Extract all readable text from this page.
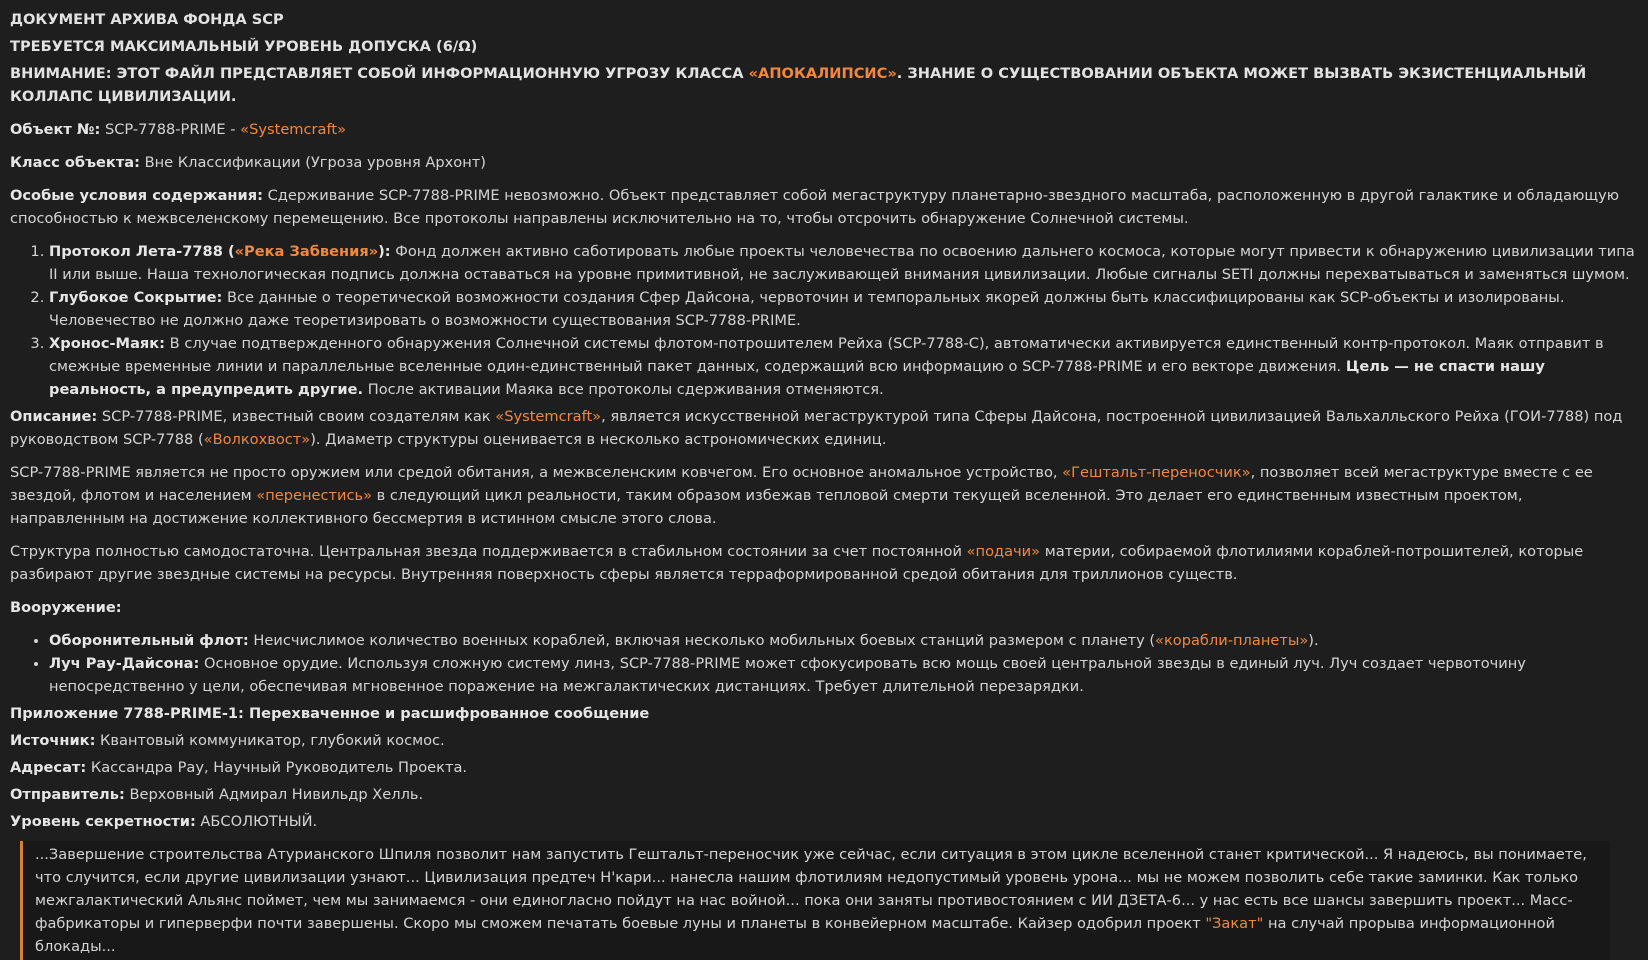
ДОКУМЕНТ АРХИВА ФОНДА SCP

ТРЕБУЕТСЯ МАКСИМАЛЬНЫЙ УРОВЕНЬ ДОПУСКА (6/Ω)

ВНИМАНИЕ: ЭТОТ ФАЙЛ ПРЕДСТАВЛЯЕТ СОБОЙ ИНФОРМАЦИОННУЮ УГРОЗУ КЛАССА «АПОКАЛИПСИС». ЗНАНИЕ О СУЩЕСТВОВАНИИ ОБЪЕКТА МОЖЕТ ВЫЗВАТЬ ЭКЗИСТЕНЦИАЛЬНЫЙ КОЛЛАПС ЦИВИЛИЗАЦИИ.

Объект №: SCP-7788-PRIME - «Systemcraft»

Класс объекта: Вне Классификации (Угроза уровня Архонт)

Особые условия содержания: Сдерживание SCP-7788-PRIME невозможно. Объект представляет собой мегаструктуру планетарно-звездного масштаба, расположенную в другой галактике и обладающую способностью к межвселенскому перемещению. Все протоколы направлены исключительно на то, чтобы отсрочить обнаружение Солнечной системы.

1. Протокол Лета-7788 («Река Забвения»): Фонд должен активно саботировать любые проекты человечества по освоению дальнего космоса, которые могут привести к обнаружению цивилизации типа II или выше. Наша технологическая подпись должна оставаться на уровне примитивной, не заслуживающей внимания цивилизации. Любые сигналы SETI должны перехватываться и заменяться шумом.
2. Глубокое Сокрытие: Все данные о теоретической возможности создания Сфер Дайсона, червоточин и темпоральных якорей должны быть классифицированы как SCP-объекты и изолированы. Человечество не должно даже теоретизировать о возможности существования SCP-7788-PRIME.
3. Хронос-Маяк: В случае подтвержденного обнаружения Солнечной системы флотом-потрошителем Рейха (SCP-7788-C), автоматически активируется единственный контр-протокол. Маяк отправит в смежные временные линии и параллельные вселенные один-единственный пакет данных, содержащий всю информацию о SCP-7788-PRIME и его векторе движения. Цель — не спасти нашу реальность, а предупредить другие. После активации Маяка все протоколы сдерживания отменяются.

Описание: SCP-7788-PRIME, известный своим создателям как «Systemcraft», является искусственной мегаструктурой типа Сферы Дайсона, построенной цивилизацией Вальхалльского Рейха (ГОИ-7788) под руководством SCP-7788 («Волкохвост»). Диаметр структуры оценивается в несколько астрономических единиц.

SCP-7788-PRIME является не просто оружием или средой обитания, а межвселенским ковчегом. Его основное аномальное устройство, «Гештальт-переносчик», позволяет всей мегаструктуре вместе с ее звездой, флотом и населением «перенестись» в следующий цикл реальности, таким образом избежав тепловой смерти текущей вселенной. Это делает его единственным известным проектом, направленным на достижение коллективного бессмертия в истинном смысле этого слова.

Структура полностью самодостаточна. Центральная звезда поддерживается в стабильном состоянии за счет постоянной «подачи» материи, собираемой флотилиями кораблей-потрошителей, которые разбирают другие звездные системы на ресурсы. Внутренняя поверхность сферы является терраформированной средой обитания для триллионов существ.

Вооружение:

• Оборонительный флот: Неисчислимое количество военных кораблей, включая несколько мобильных боевых станций размером с планету («корабли-планеты»).
• Луч Рау-Дайсона: Основное орудие. Используя сложную систему линз, SCP-7788-PRIME может сфокусировать всю мощь своей центральной звезды в единый луч. Луч создает червоточину непосредственно у цели, обеспечивая мгновенное поражение на межгалактических дистанциях. Требует длительной перезарядки.

Приложение 7788-PRIME-1: Перехваченное и расшифрованное сообщение

Источник: Квантовый коммуникатор, глубокий космос.

Адресат: Кассандра Рау, Научный Руководитель Проекта.

Отправитель: Верховный Адмирал Нивильдр Хелль.

Уровень секретности: АБСОЛЮТНЫЙ.

...Завершение строительства Атурианского Шпиля позволит нам запустить Гештальт-переносчик уже сейчас, если ситуация в этом цикле вселенной станет критической... Я надеюсь, вы понимаете, что случится, если другие цивилизации узнают... Цивилизация предтеч Н'кари... нанесла нашим флотилиям недопустимый уровень урона... мы не можем позволить себе такие заминки. Как только межгалактический Альянс поймет, чем мы занимаемся - они единогласно пойдут на нас войной... пока они заняты противостоянием с ИИ ДЗЕТА-6... у нас есть все шансы завершить проект... Масс-фабрикаторы и гиперверфи почти завершены. Скоро мы сможем печатать боевые луны и планеты в конвейерном масштабе. Кайзер одобрил проект "Закат" на случай прорыва информационной блокады...
